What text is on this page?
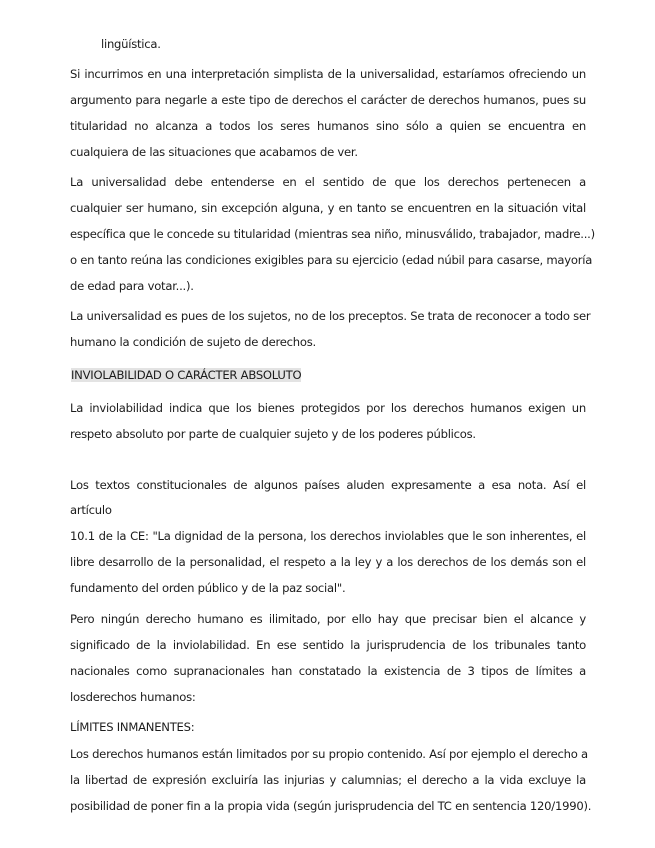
lingüística.
Si incurrimos en una interpretación simplista de la universalidad, estaríamos ofreciendo un
argumento para negarle a este tipo de derechos el carácter de derechos humanos, pues su
titularidad no alcanza a todos los seres humanos sino sólo a quien se encuentra en
cualquiera de las situaciones que acabamos de ver.
La universalidad debe entenderse en el sentido de que los derechos pertenecen a
cualquier ser humano, sin excepción alguna, y en tanto se encuentren en la situación vital
específica que le concede su titularidad (mientras sea niño, minusválido, trabajador, madre...)
o en tanto reúna las condiciones exigibles para su ejercicio (edad núbil para casarse, mayoría
de edad para votar...).
La universalidad es pues de los sujetos, no de los preceptos. Se trata de reconocer a todo ser
humano la condición de sujeto de derechos.
INVIOLABILIDAD O CARÁCTER ABSOLUTO
La inviolabilidad indica que los bienes protegidos por los derechos humanos exigen un
respeto absoluto por parte de cualquier sujeto y de los poderes públicos.
Los textos constitucionales de algunos países aluden expresamente a esa nota. Así el
artículo
10.1 de la CE: "La dignidad de la persona, los derechos inviolables que le son inherentes, el
libre desarrollo de la personalidad, el respeto a la ley y a los derechos de los demás son el
fundamento del orden público y de la paz social".
Pero ningún derecho humano es ilimitado, por ello hay que precisar bien el alcance y
significado de la inviolabilidad. En ese sentido la jurisprudencia de los tribunales tanto
nacionales como supranacionales han constatado la existencia de 3 tipos de límites a
losderechos humanos:
LÍMITES INMANENTES:
Los derechos humanos están limitados por su propio contenido. Así por ejemplo el derecho a
la libertad de expresión excluiría las injurias y calumnias; el derecho a la vida excluye la
posibilidad de poner fin a la propia vida (según jurisprudencia del TC en sentencia 120/1990).
